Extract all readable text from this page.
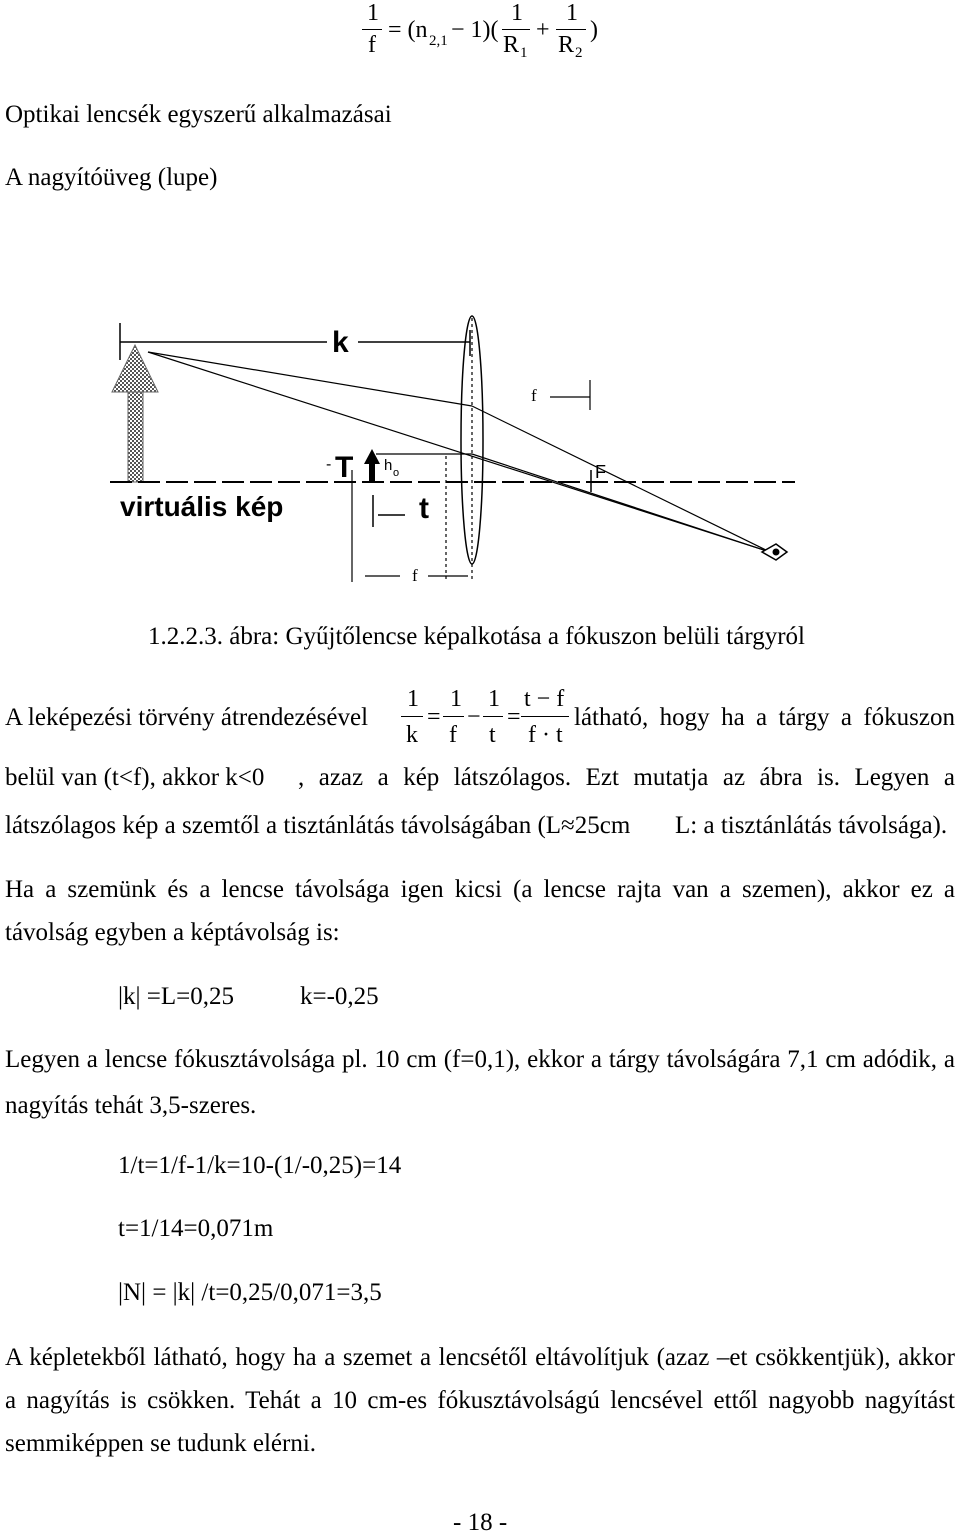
1
f
= (n 2,1 − 1)(
1
R 1
+
1
R 2
)
Optikai lencsék egyszerű alkalmazásai
A nagyítóüveg (lupe)
k
- T h o
f
F
virtuális kép	t
f
1.2.2.3. ábra: Gyűjtőlencse képalkotása a fókuszon belüli tárgyról
A leképezési törvény átrendezésével
1
k
=
1
f
−
1
t
=
t − f
f · t
látható, hogy ha a tárgy a fókuszon
belül van (t<f), akkor k<0 , azaz a kép látszólagos. Ezt mutatja az ábra is. Legyen a
látszólagos kép a szemtől a tisztánlátás távolságában (L≈25cm L: a tisztánlátás távolsága).
Ha a szemünk és a lencse távolsága igen kicsi (a lencse rajta van a szemen), akkor ez a
távolság egyben a képtávolság is:
|k| =L=0,25	k=-0,25
Legyen a lencse fókusztávolsága pl. 10 cm (f=0,1), ekkor a tárgy távolságára 7,1 cm adódik, a
nagyítás tehát 3,5-szeres.
1/t=1/f-1/k=10-(1/-0,25)=14
t=1/14=0,071m
|N| = |k| /t=0,25/0,071=3,5
A képletekből látható, hogy ha a szemet a lencsétől eltávolítjuk (azaz –et csökkentjük), akkor
a nagyítás is csökken. Tehát a 10 cm-es fókusztávolságú lencsével ettől nagyobb nagyítást
semmiképpen se tudunk elérni.
- 18 -
